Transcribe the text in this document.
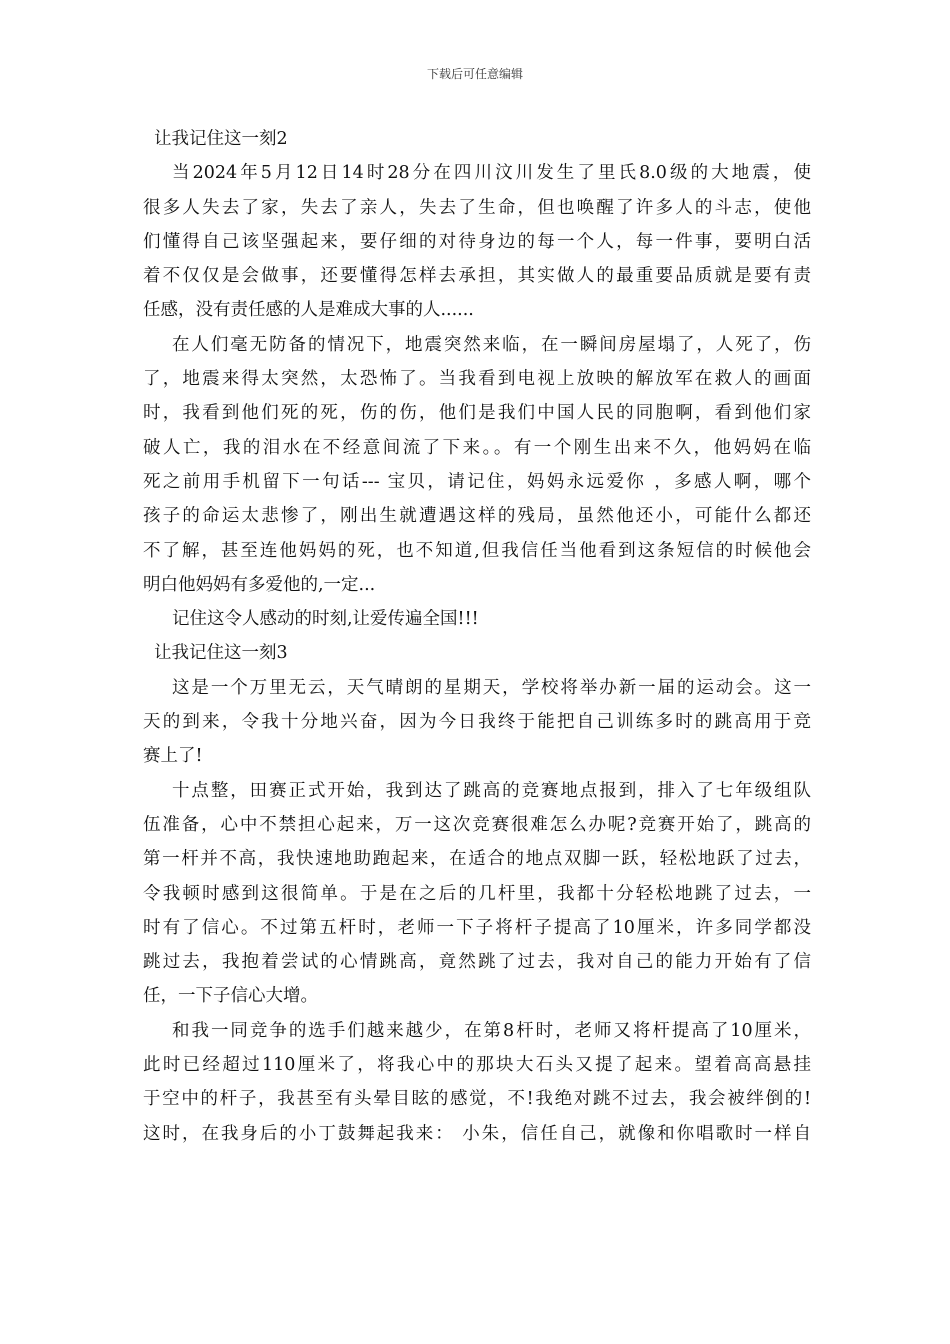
下载后可任意编辑
让我记住这一刻2
当2024年5月12日14时28分在四川汶川发生了里氏8.0级的大地震，使
很多人失去了家，失去了亲人，失去了生命，但也唤醒了许多人的斗志，使他
们懂得自己该坚强起来，要仔细的对待身边的每一个人，每一件事，要明白活
着不仅仅是会做事，还要懂得怎样去承担，其实做人的最重要品质就是要有责
任感，没有责任感的人是难成大事的人......
在人们毫无防备的情况下，地震突然来临，在一瞬间房屋塌了，人死了，伤
了，地震来得太突然，太恐怖了。当我看到电视上放映的解放军在救人的画面
时，我看到他们死的死，伤的伤，他们是我们中国人民的同胞啊，看到他们家
破人亡，我的泪水在不经意间流了下来。。有一个刚生出来不久，他妈妈在临
死之前用手机留下一句话--- 宝贝，请记住，妈妈永远爱你 ，多感人啊，哪个
孩子的命运太悲惨了，刚出生就遭遇这样的残局，虽然他还小，可能什么都还
不了解，甚至连他妈妈的死，也不知道,但我信任当他看到这条短信的时候他会
明白他妈妈有多爱他的,一定...
记住这令人感动的时刻,让爱传遍全国!!!
让我记住这一刻3
这是一个万里无云，天气晴朗的星期天，学校将举办新一届的运动会。这一
天的到来，令我十分地兴奋，因为今日我终于能把自己训练多时的跳高用于竞
赛上了!
十点整，田赛正式开始，我到达了跳高的竞赛地点报到，排入了七年级组队
伍准备，心中不禁担心起来，万一这次竞赛很难怎么办呢?竞赛开始了，跳高的
第一杆并不高，我快速地助跑起来，在适合的地点双脚一跃，轻松地跃了过去，
令我顿时感到这很简单。于是在之后的几杆里，我都十分轻松地跳了过去，一
时有了信心。不过第五杆时，老师一下子将杆子提高了10厘米，许多同学都没
跳过去，我抱着尝试的心情跳高，竟然跳了过去，我对自己的能力开始有了信
任，一下子信心大增。
和我一同竞争的选手们越来越少，在第8杆时，老师又将杆提高了10厘米，
此时已经超过110厘米了，将我心中的那块大石头又提了起来。望着高高悬挂
于空中的杆子，我甚至有头晕目眩的感觉，不!我绝对跳不过去，我会被绊倒的!
这时，在我身后的小丁鼓舞起我来： 小朱，信任自己，就像和你唱歌时一样自
